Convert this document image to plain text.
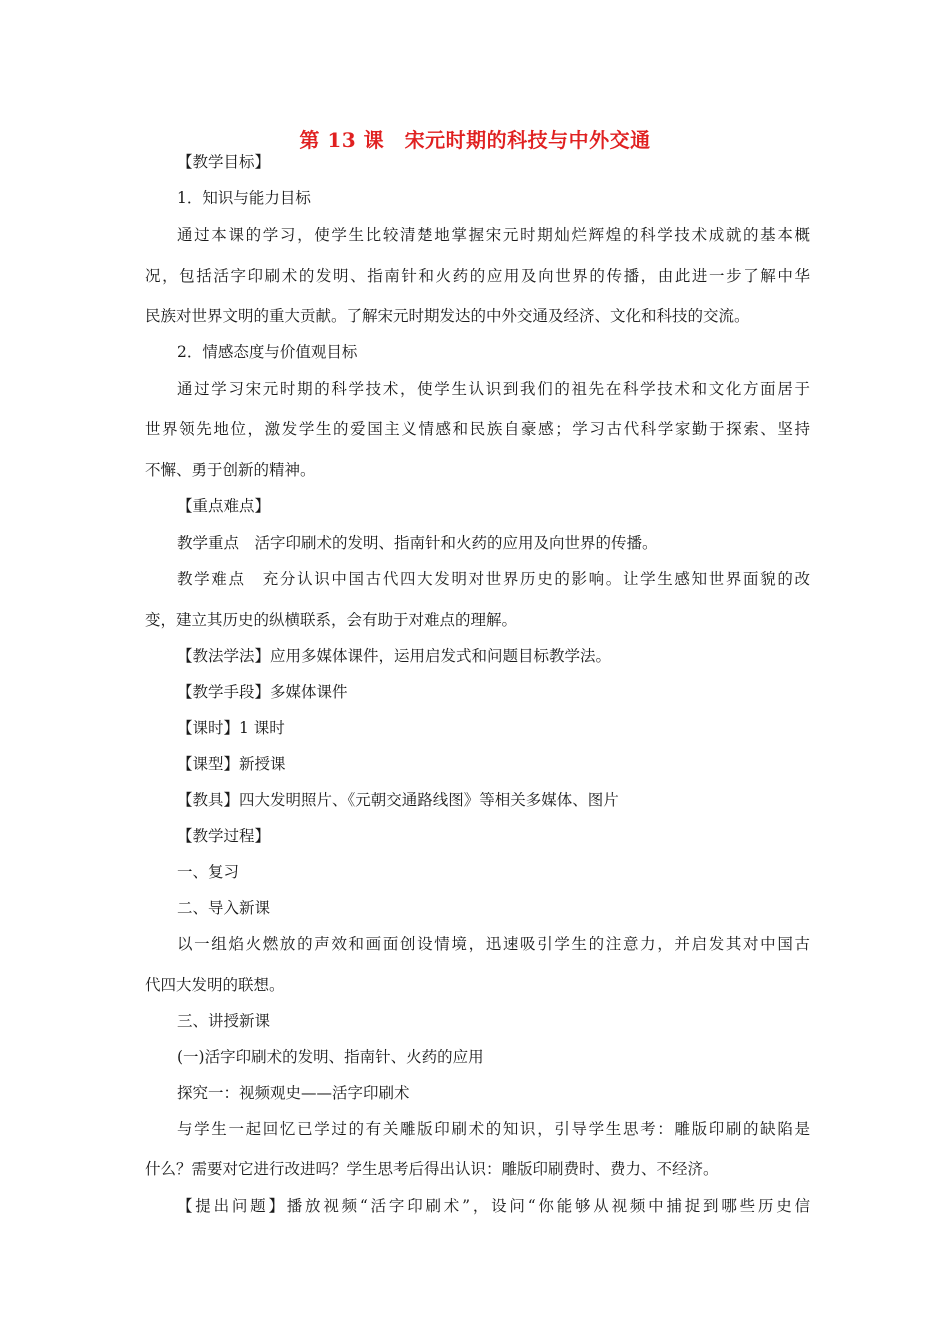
第 13 课　宋元时期的科技与中外交通
【教学目标】
1．知识与能力目标
通过本课的学习，使学生比较清楚地掌握宋元时期灿烂辉煌的科学技术成就的基本概
况，包括活字印刷术的发明、指南针和火药的应用及向世界的传播，由此进一步了解中华
民族对世界文明的重大贡献。了解宋元时期发达的中外交通及经济、文化和科技的交流。
2．情感态度与价值观目标
通过学习宋元时期的科学技术，使学生认识到我们的祖先在科学技术和文化方面居于
世界领先地位，激发学生的爱国主义情感和民族自豪感；学习古代科学家勤于探索、坚持
不懈、勇于创新的精神。
【重点难点】
教学重点　活字印刷术的发明、指南针和火药的应用及向世界的传播。
教学难点　充分认识中国古代四大发明对世界历史的影响。让学生感知世界面貌的改
变，建立其历史的纵横联系，会有助于对难点的理解。
【教法学法】应用多媒体课件，运用启发式和问题目标教学法。
【教学手段】多媒体课件
【课时】1 课时
【课型】新授课
【教具】四大发明照片、《元朝交通路线图》等相关多媒体、图片
【教学过程】
一、复习
二、导入新课
以一组焰火燃放的声效和画面创设情境，迅速吸引学生的注意力，并启发其对中国古
代四大发明的联想。
三、讲授新课
(一)活字印刷术的发明、指南针、火药的应用
探究一：视频观史——活字印刷术
与学生一起回忆已学过的有关雕版印刷术的知识，引导学生思考：雕版印刷的缺陷是
什么？需要对它进行改进吗？学生思考后得出认识：雕版印刷费时、费力、不经济。
【提出问题】播放视频“活字印刷术”，设问“你能够从视频中捕捉到哪些历史信
